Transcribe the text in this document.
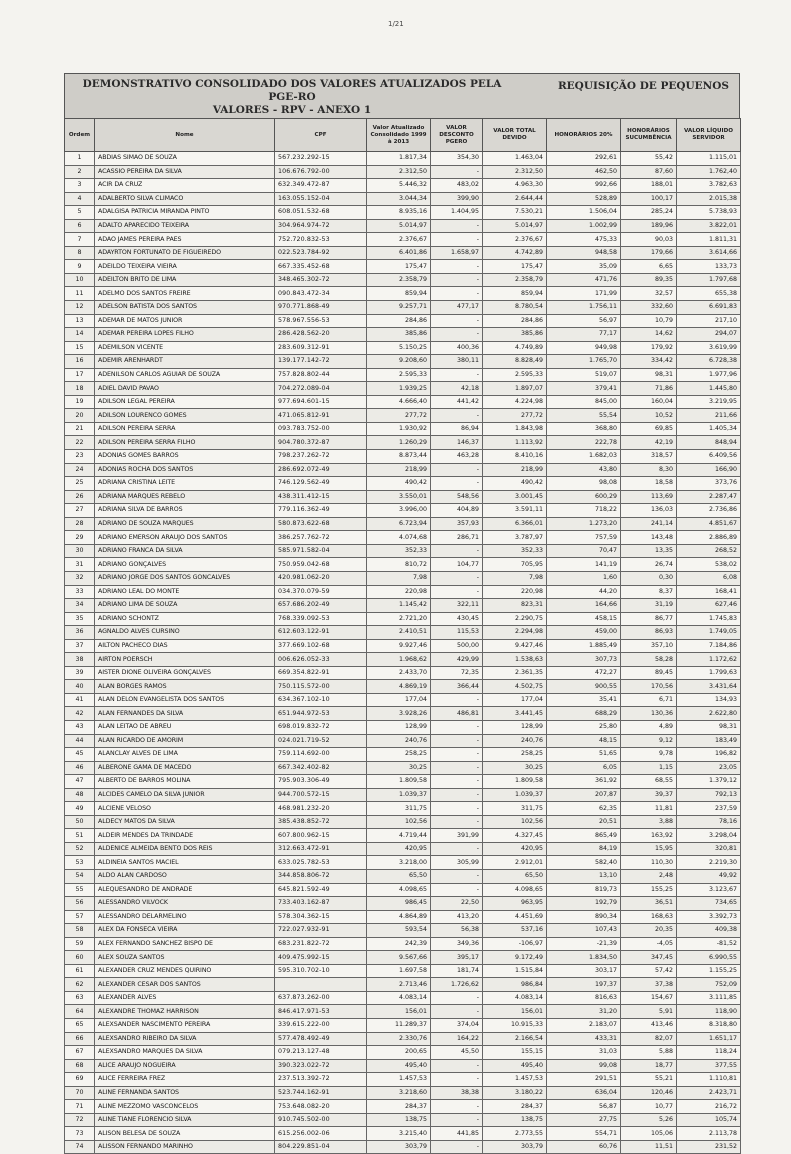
1/21
DEMONSTRATIVO CONSOLIDADO DOS VALORES ATUALIZADOS PELA PGE-RO
VALORES - RPV - ANEXO 1
REQUISIÇÃO DE PEQUENOS
Ordem	Nome	CPF	Valor Atualizado Consolidado 1999 à 2013	VALOR DESCONTO PGERO	VALOR TOTAL DEVIDO	HONORÁRIOS 20%	HONORÁRIOS SUCUMBÊNCIA	VALOR LÍQUIDO SERVIDOR
1	ABDIAS SIMAO DE SOUZA	567.232.292-15	1.817,34	354,30	1.463,04	292,61	55,42	1.115,01
2	ACASSIO PEREIRA DA SILVA	106.676.792-00	2.312,50	-	2.312,50	462,50	87,60	1.762,40
3	ACIR DA CRUZ	632.349.472-87	5.446,32	483,02	4.963,30	992,66	188,01	3.782,63
4	ADALBERTO SILVA CLIMACO	163.055.152-04	3.044,34	399,90	2.644,44	528,89	100,17	2.015,38
5	ADALGISA PATRICIA MIRANDA PINTO	608.051.532-68	8.935,16	1.404,95	7.530,21	1.506,04	285,24	5.738,93
6	ADALTO APARECIDO TEIXEIRA	304.964.974-72	5.014,97	-	5.014,97	1.002,99	189,96	3.822,01
7	ADAO JAMES PEREIRA PAES	752.720.832-53	2.376,67	-	2.376,67	475,33	90,03	1.811,31
8	ADAYRTON FORTUNATO DE FIGUEIREDO	022.523.784-92	6.401,86	1.658,97	4.742,89	948,58	179,66	3.614,66
9	ADEILDO TEIXEIRA VIEIRA	667.335.452-68	175,47	-	175,47	35,09	6,65	133,73
10	ADEILTON BRITO DE LIMA	348.465.302-72	2.358,79	-	2.358,79	471,76	89,35	1.797,68
11	ADELMO DOS SANTOS FREIRE	090.843.472-34	859,94	-	859,94	171,99	32,57	655,38
12	ADELSON BATISTA DOS SANTOS	970.771.868-49	9.257,71	477,17	8.780,54	1.756,11	332,60	6.691,83
13	ADEMAR DE MATOS JUNIOR	578.967.556-53	284,86	-	284,86	56,97	10,79	217,10
14	ADEMAR PEREIRA LOPES FILHO	286.428.562-20	385,86	-	385,86	77,17	14,62	294,07
15	ADEMILSON VICENTE	283.609.312-91	5.150,25	400,36	4.749,89	949,98	179,92	3.619,99
16	ADEMIR ARENHARDT	139.177.142-72	9.208,60	380,11	8.828,49	1.765,70	334,42	6.728,38
17	ADENILSON CARLOS AGUIAR DE SOUZA	757.828.802-44	2.595,33	-	2.595,33	519,07	98,31	1.977,96
18	ADIEL DAVID PAVAO	704.272.089-04	1.939,25	42,18	1.897,07	379,41	71,86	1.445,80
19	ADILSON LEGAL PEREIRA	977.694.601-15	4.666,40	441,42	4.224,98	845,00	160,04	3.219,95
20	ADILSON LOURENCO GOMES	471.065.812-91	277,72	-	277,72	55,54	10,52	211,66
21	ADILSON PEREIRA SERRA	093.783.752-00	1.930,92	86,94	1.843,98	368,80	69,85	1.405,34
22	ADILSON PEREIRA SERRA FILHO	904.780.372-87	1.260,29	146,37	1.113,92	222,78	42,19	848,94
23	ADONIAS GOMES BARROS	798.237.262-72	8.873,44	463,28	8.410,16	1.682,03	318,57	6.409,56
24	ADONIAS ROCHA DOS SANTOS	286.692.072-49	218,99	-	218,99	43,80	8,30	166,90
25	ADRIANA CRISTINA LEITE	746.129.562-49	490,42	-	490,42	98,08	18,58	373,76
26	ADRIANA MARQUES REBELO	438.311.412-15	3.550,01	548,56	3.001,45	600,29	113,69	2.287,47
27	ADRIANA SILVA DE BARROS	779.116.362-49	3.996,00	404,89	3.591,11	718,22	136,03	2.736,86
28	ADRIANO DE SOUZA MARQUES	580.873.622-68	6.723,94	357,93	6.366,01	1.273,20	241,14	4.851,67
29	ADRIANO EMERSON ARAUJO DOS SANTOS	386.257.762-72	4.074,68	286,71	3.787,97	757,59	143,48	2.886,89
30	ADRIANO FRANCA DA SILVA	585.971.582-04	352,33	-	352,33	70,47	13,35	268,52
31	ADRIANO GONÇALVES	750.959.042-68	810,72	104,77	705,95	141,19	26,74	538,02
32	ADRIANO JORGE DOS SANTOS GONCALVES	420.981.062-20	7,98	-	7,98	1,60	0,30	6,08
33	ADRIANO LEAL DO MONTE	034.370.079-59	220,98	-	220,98	44,20	8,37	168,41
34	ADRIANO LIMA DE SOUZA	657.686.202-49	1.145,42	322,11	823,31	164,66	31,19	627,46
35	ADRIANO SCHONTZ	768.339.092-53	2.721,20	430,45	2.290,75	458,15	86,77	1.745,83
36	AGNALDO ALVES CURSINO	612.603.122-91	2.410,51	115,53	2.294,98	459,00	86,93	1.749,05
37	AILTON PACHECO DIAS	377.669.102-68	9.927,46	500,00	9.427,46	1.885,49	357,10	7.184,86
38	AIRTON POERSCH	006.626.052-33	1.968,62	429,99	1.538,63	307,73	58,28	1.172,62
39	AISTER DIONE OLIVEIRA GONÇALVES	669.354.822-91	2.433,70	72,35	2.361,35	472,27	89,45	1.799,63
40	ALAN BORGES RAMOS	750.115.572-00	4.869,19	366,44	4.502,75	900,55	170,56	3.431,64
41	ALAN DELON EVANGELISTA DOS SANTOS	634.367.102-10	177,04	-	177,04	35,41	6,71	134,93
42	ALAN FERNANDES DA SILVA	651.944.972-53	3.928,26	486,81	3.441,45	688,29	130,36	2.622,80
43	ALAN LEITAO DE ABREU	698.019.832-72	128,99	-	128,99	25,80	4,89	98,31
44	ALAN RICARDO DE AMORIM	024.021.719-52	240,76	-	240,76	48,15	9,12	183,49
45	ALANCLAY ALVES DE LIMA	759.114.692-00	258,25	-	258,25	51,65	9,78	196,82
46	ALBERONE GAMA DE MACEDO	667.342.402-82	30,25	-	30,25	6,05	1,15	23,05
47	ALBERTO DE BARROS MOLINA	795.903.306-49	1.809,58	-	1.809,58	361,92	68,55	1.379,12
48	ALCIDES CAMELO DA SILVA JUNIOR	944.700.572-15	1.039,37	-	1.039,37	207,87	39,37	792,13
49	ALCIENE VELOSO	468.981.232-20	311,75	-	311,75	62,35	11,81	237,59
50	ALDECY MATOS DA SILVA	385.438.852-72	102,56	-	102,56	20,51	3,88	78,16
51	ALDEIR MENDES DA TRINDADE	607.800.962-15	4.719,44	391,99	4.327,45	865,49	163,92	3.298,04
52	ALDENICE ALMEIDA BENTO DOS REIS	312.663.472-91	420,95	-	420,95	84,19	15,95	320,81
53	ALDINEIA SANTOS MACIEL	633.025.782-53	3.218,00	305,99	2.912,01	582,40	110,30	2.219,30
54	ALDO ALAN CARDOSO	344.858.806-72	65,50	-	65,50	13,10	2,48	49,92
55	ALEQUESANDRO DE ANDRADE	645.821.592-49	4.098,65	-	4.098,65	819,73	155,25	3.123,67
56	ALESSANDRO VILVOCK	733.403.162-87	986,45	22,50	963,95	192,79	36,51	734,65
57	ALESSANDRO DELARMELINO	578.304.362-15	4.864,89	413,20	4.451,69	890,34	168,63	3.392,73
58	ALEX DA FONSECA VIEIRA	722.027.932-91	593,54	56,38	537,16	107,43	20,35	409,38
59	ALEX FERNANDO SANCHEZ BISPO DE	683.231.822-72	242,39	349,36	-106,97	-21,39	-4,05	-81,52
60	ALEX SOUZA SANTOS	409.475.992-15	9.567,66	395,17	9.172,49	1.834,50	347,45	6.990,55
61	ALEXANDER CRUZ MENDES QUIRINO	595.310.702-10	1.697,58	181,74	1.515,84	303,17	57,42	1.155,25
62	ALEXANDER CESAR DOS SANTOS		2.713,46	1.726,62	986,84	197,37	37,38	752,09
63	ALEXANDER ALVES	637.873.262-00	4.083,14	-	4.083,14	816,63	154,67	3.111,85
64	ALEXANDRE THOMAZ HARRISON	846.417.971-53	156,01	-	156,01	31,20	5,91	118,90
65	ALEXSANDER NASCIMENTO PEREIRA	339.615.222-00	11.289,37	374,04	10.915,33	2.183,07	413,46	8.318,80
66	ALEXSANDRO RIBEIRO DA SILVA	577.478.492-49	2.330,76	164,22	2.166,54	433,31	82,07	1.651,17
67	ALEXSANDRO MARQUES DA SILVA	079.213.127-48	200,65	45,50	155,15	31,03	5,88	118,24
68	ALICE ARAUJO NOGUEIRA	390.323.022-72	495,40	-	495,40	99,08	18,77	377,55
69	ALICE FERREIRA FREZ	237.513.392-72	1.457,53	-	1.457,53	291,51	55,21	1.110,81
70	ALINE FERNANDA SANTOS	523.744.162-91	3.218,60	38,38	3.180,22	636,04	120,46	2.423,71
71	ALINE MEZZOMO VASCONCELOS	753.648.082-20	284,37	-	284,37	56,87	10,77	216,72
72	ALINE TIANE FLORENCIO SILVA	910.745.502-00	138,75	-	138,75	27,75	5,26	105,74
73	ALISON BELESA DE SOUZA	615.256.002-06	3.215,40	441,85	2.773,55	554,71	105,06	2.113,78
74	ALISSON FERNANDO MARINHO	804.229.851-04	303,79	-	303,79	60,76	11,51	231,52
